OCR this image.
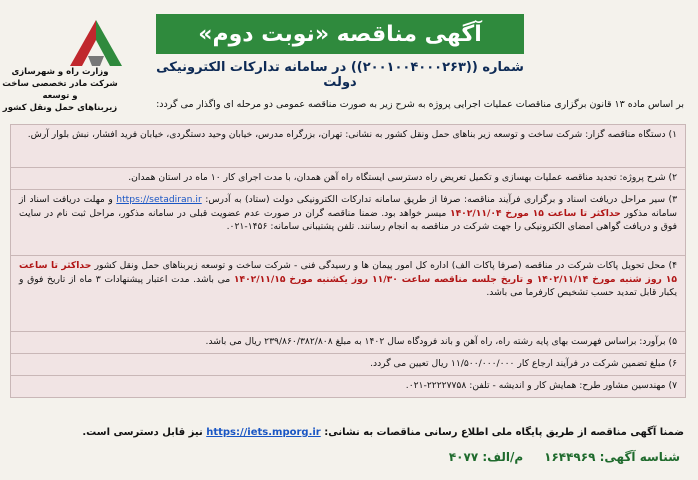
وزارت راه و شهرسازی
شرکت مادر تخصصی ساخت و توسعه
زیربناهای حمل ونقل کشور
آگهی مناقصه «نوبت دوم»
شماره ((۲۰۰۱۰۰۴۰۰۰۲۶۳)) در سامانه تدارکات الکترونیکی دولت
بر اساس ماده ۱۳ قانون برگزاری مناقصات عملیات اجرایی پروژه به شرح زیر به صورت مناقصه عمومی دو مرحله ای واگذار می گردد:
۱) دستگاه مناقصه گزار: شرکت ساخت و توسعه زیر بناهای حمل ونقل کشور به نشانی: تهران، بزرگراه مدرس، خیابان وحید دستگردی، خیابان فرید افشار، نبش بلوار آرش.
۲) شرح پروژه: تجدید مناقصه عملیات بهسازی و تکمیل تعریض راه دسترسی ایستگاه راه آهن همدان، با مدت اجرای کار ۱۰ ماه در استان همدان.
۳) سیر مراحل دریافت اسناد و برگزاری فرآیند مناقصه: صرفا از طریق سامانه تدارکات الکترونیکی دولت (ستاد) به آدرس: https://setadiran.ir و مهلت دریافت اسناد از سامانه مذکور حداکثر تا ساعت ۱۵ مورخ ۱۴۰۲/۱۱/۰۴ میسر خواهد بود. ضمنا مناقصه گران در صورت عدم عضویت قبلی در سامانه مذکور، مراحل ثبت نام در سایت فوق و دریافت گواهی امضای الکترونیکی را جهت شرکت در مناقصه به انجام رسانند. تلفن پشتیبانی سامانه: ۱۴۵۶-۰۲۱.
۴) محل تحویل پاکات شرکت در مناقصه (صرفا پاکات الف) اداره کل امور پیمان ها و رسیدگی فنی - شرکت ساخت و توسعه زیربناهای حمل ونقل کشور حداکثر تا ساعت ۱۵ روز شنبه مورخ ۱۴۰۲/۱۱/۱۴ و تاریخ جلسه مناقصه ساعت ۱۱/۳۰ روز یکشنبه مورخ ۱۴۰۲/۱۱/۱۵ می باشد. مدت اعتبار پیشنهادات ۳ ماه از تاریخ فوق و یکبار قابل تمدید حسب تشخیص کارفرما می باشد.
۵) برآورد: براساس فهرست بهای پایه رشته راه، راه آهن و باند فرودگاه سال ۱۴۰۲ به مبلغ ۲۳۹/۸۶۰/۳۸۲/۸۰۸ ریال می باشد.
۶) مبلغ تضمین شرکت در فرآیند ارجاع کار ۱۱/۵۰۰/۰۰۰/۰۰۰ ریال تعیین می گردد.
۷) مهندسین مشاور طرح: همایش کار و اندیشه - تلفن: ۲۲۲۲۷۷۵۸-۰۲۱.
ضمنا آگهی مناقصه از طریق پایگاه ملی اطلاع رسانی مناقصات به نشانی: https://iets.mporg.ir نیز قابل دسترسی است.
شناسه آگهی: ۱۶۴۴۹۶۹     م/الف: ۴۰۷۷
